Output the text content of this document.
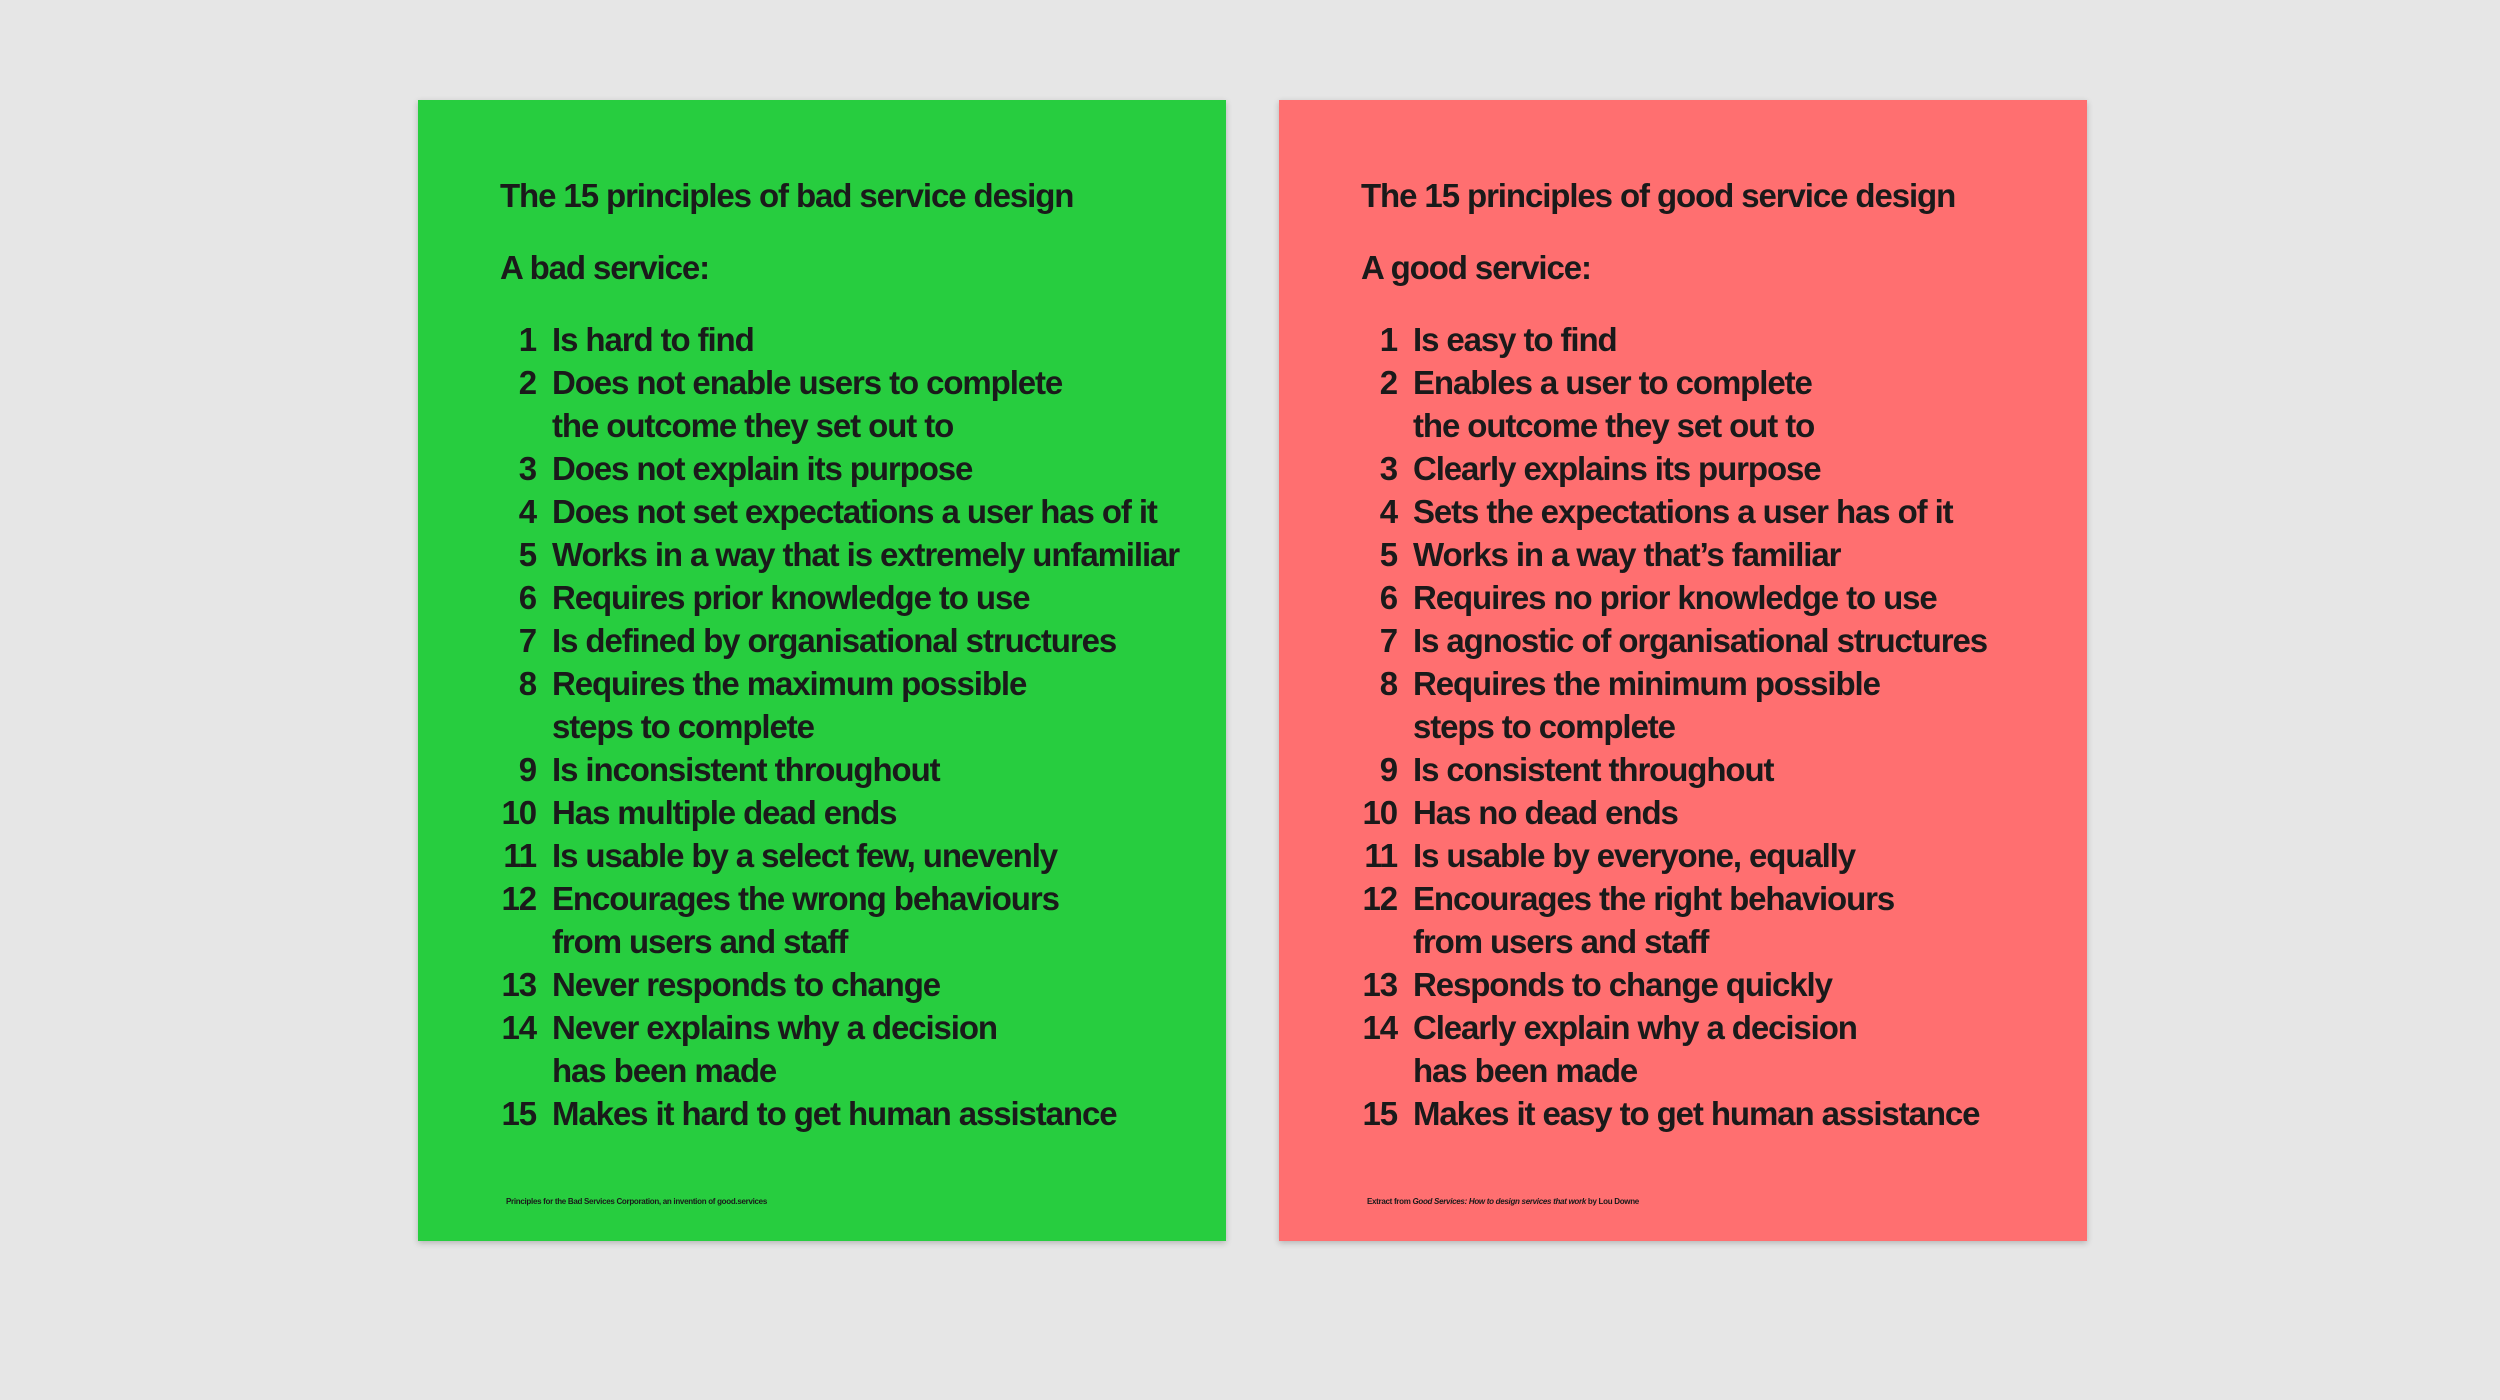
The 15 principles of bad service design
A bad service:
1 Is hard to find
2 Does not enable users to complete
the outcome they set out to
3 Does not explain its purpose
4 Does not set expectations a user has of it
5 Works in a way that is extremely unfamiliar
6 Requires prior knowledge to use
7 Is defined by organisational structures
8 Requires the maximum possible
steps to complete
9 Is inconsistent throughout
10 Has multiple dead ends
11 Is usable by a select few, unevenly
12 Encourages the wrong behaviours
from users and staff
13 Never responds to change
14 Never explains why a decision
has been made
15 Makes it hard to get human assistance

Principles for the Bad Services Corporation, an invention of good.services

The 15 principles of good service design
A good service:
1 Is easy to find
2 Enables a user to complete
the outcome they set out to
3 Clearly explains its purpose
4 Sets the expectations a user has of it
5 Works in a way that’s familiar
6 Requires no prior knowledge to use
7 Is agnostic of organisational structures
8 Requires the minimum possible
steps to complete
9 Is consistent throughout
10 Has no dead ends
11 Is usable by everyone, equally
12 Encourages the right behaviours
from users and staff
13 Responds to change quickly
14 Clearly explain why a decision
has been made
15 Makes it easy to get human assistance

Extract from Good Services: How to design services that work by Lou Downe
